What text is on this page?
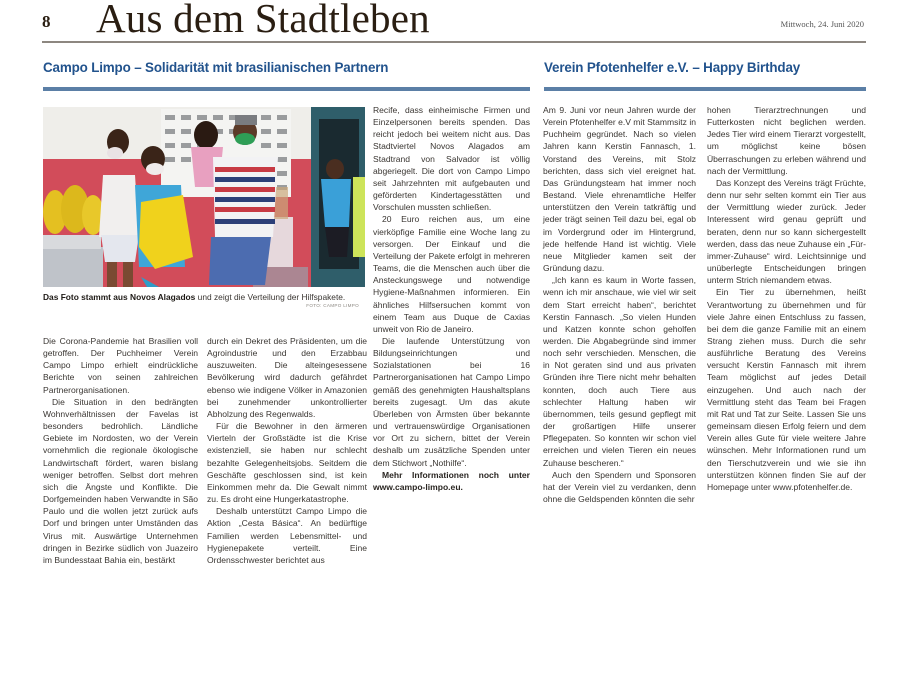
8 Aus dem Stadtleben	Mittwoch, 24. Juni 2020
Campo Limpo – Solidarität mit brasilianischen Partnern	Verein Pfotenhelfer e.V. – Happy Birthday
Das Foto stammt aus Novos Alagados und zeigt die Verteilung der Hilfspakete.
FOTO: CAMPO LIMPO

Die Corona-Pandemie hat Brasilien voll getroffen. Der Puchheimer Verein Campo Limpo erhielt eindrückliche Berichte von seinen zahlreichen Partnerorganisationen.

Die Situation in den bedrängten Wohnverhältnissen der Favelas ist besonders bedrohlich. Ländliche Gebiete im Nordosten, wo der Verein vornehmlich die regionale ökologische Landwirtschaft fördert, waren bislang weniger betroffen. Selbst dort mehren sich die Ängste und Konflikte. Die Dorfgemeinden haben Verwandte in São Paulo und die wollen jetzt zurück aufs Dorf und bringen unter Umständen das Virus mit. Auswärtige Unternehmen dringen in Bezirke südlich von Juazeiro im Bundesstaat Bahia ein, bestärkt

durch ein Dekret des Präsidenten, um die Agroindustrie und den Erzabbau auszuweiten. Die alteingesessene Bevölkerung wird dadurch gefährdet ebenso wie indigene Völker in Amazonien bei zunehmender unkontrollierter Abholzung des Regenwalds.

Für die Bewohner in den ärmeren Vierteln der Großstädte ist die Krise existenziell, sie haben nur schlecht bezahlte Gelegenheitsjobs. Seitdem die Geschäfte geschlossen sind, ist kein Einkommen mehr da. Die Gewalt nimmt zu. Es droht eine Hungerkatastrophe.

Deshalb unterstützt Campo Limpo die Aktion „Cesta Básica“. An bedürftige Familien werden Lebensmittel- und Hygienepakete verteilt. Eine Ordensschwester berichtet aus

Recife, dass einheimische Firmen und Einzelpersonen bereits spenden. Das reicht jedoch bei weitem nicht aus. Das Stadtviertel Novos Alagados am Stadtrand von Salvador ist völlig abgeriegelt. Die dort von Campo Limpo seit Jahrzehnten mit aufgebauten und geförderten Kindertagesstätten und Vorschulen mussten schließen.

20 Euro reichen aus, um eine vierköpfige Familie eine Woche lang zu versorgen. Der Einkauf und die Verteilung der Pakete erfolgt in mehreren Teams, die die Menschen auch über die Ansteckungswege und notwendige Hygiene-Maßnahmen informieren. Ein ähnliches Hilfsersuchen kommt von einem Team aus Duque de Caxias unweit von Rio de Janeiro.

Die laufende Unterstützung von Bildungseinrichtungen und Sozialstationen bei 16 Partnerorganisationen hat Campo Limpo gemäß des genehmigten Haushaltsplans bereits zugesagt. Um das akute Überleben von Ärmsten über bekannte und vertrauenswürdige Organisationen vor Ort zu sichern, bittet der Verein deshalb um zusätzliche Spenden unter dem Stichwort „Nothilfe“.

Mehr Informationen noch unter www.campo-limpo.eu.

Am 9. Juni vor neun Jahren wurde der Verein Pfotenhelfer e.V mit Stammsitz in Puchheim gegründet. Nach so vielen Jahren kann Kerstin Fannasch, 1. Vorstand des Vereins, mit Stolz berichten, dass sich viel ereignet hat. Das Gründungsteam hat immer noch Bestand. Viele ehrenamtliche Helfer unterstützen den Verein tatkräftig und jeder trägt seinen Teil dazu bei, egal ob im Vordergrund oder im Hintergrund, jede helfende Hand ist wichtig. Viele neue Mitglieder kamen seit der Gründung dazu.

„Ich kann es kaum in Worte fassen, wenn ich mir anschaue, wie viel wir seit dem Start erreicht haben“, berichtet Kerstin Fannasch. „So vielen Hunden und Katzen konnte schon geholfen werden. Die Abgabegründe sind immer noch sehr verschieden. Menschen, die in Not geraten sind und aus privaten Gründen ihre Tiere nicht mehr behalten konnten, doch auch Tiere aus schlechter Haltung haben wir übernommen, teils gesund gepflegt mit der großartigen Hilfe unserer Pflegepaten. So konnten wir schon viel erreichen und vielen Tieren ein neues Zuhause bescheren.“

Auch den Spendern und Sponsoren hat der Verein viel zu verdanken, denn ohne die Geldspenden könnten die sehr

hohen Tierarztrechnungen und Futterkosten nicht beglichen werden. Jedes Tier wird einem Tierarzt vorgestellt, um möglichst keine bösen Überraschungen zu erleben während und nach der Vermittlung.

Das Konzept des Vereins trägt Früchte, denn nur sehr selten kommt ein Tier aus der Vermittlung wieder zurück. Jeder Interessent wird genau geprüft und beraten, denn nur so kann sichergestellt werden, dass das neue Zuhause ein „Für-immer-Zuhause“ wird. Leichtsinnige und unüberlegte Entscheidungen bringen unterm Strich niemandem etwas.

Ein Tier zu übernehmen, heißt Verantwortung zu übernehmen und für viele Jahre einen Entschluss zu fassen, bei dem die ganze Familie mit an einem Strang ziehen muss. Durch die sehr ausführliche Beratung des Vereins versucht Kerstin Fannasch mit ihrem Team möglichst auf jedes Detail einzugehen. Und auch nach der Vermittlung steht das Team bei Fragen mit Rat und Tat zur Seite. Lassen Sie uns gemeinsam diesen Erfolg feiern und dem Verein alles Gute für viele weitere Jahre wünschen. Mehr Informationen rund um den Tierschutzverein und wie sie ihn unterstützen können finden Sie auf der Homepage unter www.pfotenhelfer.de.
